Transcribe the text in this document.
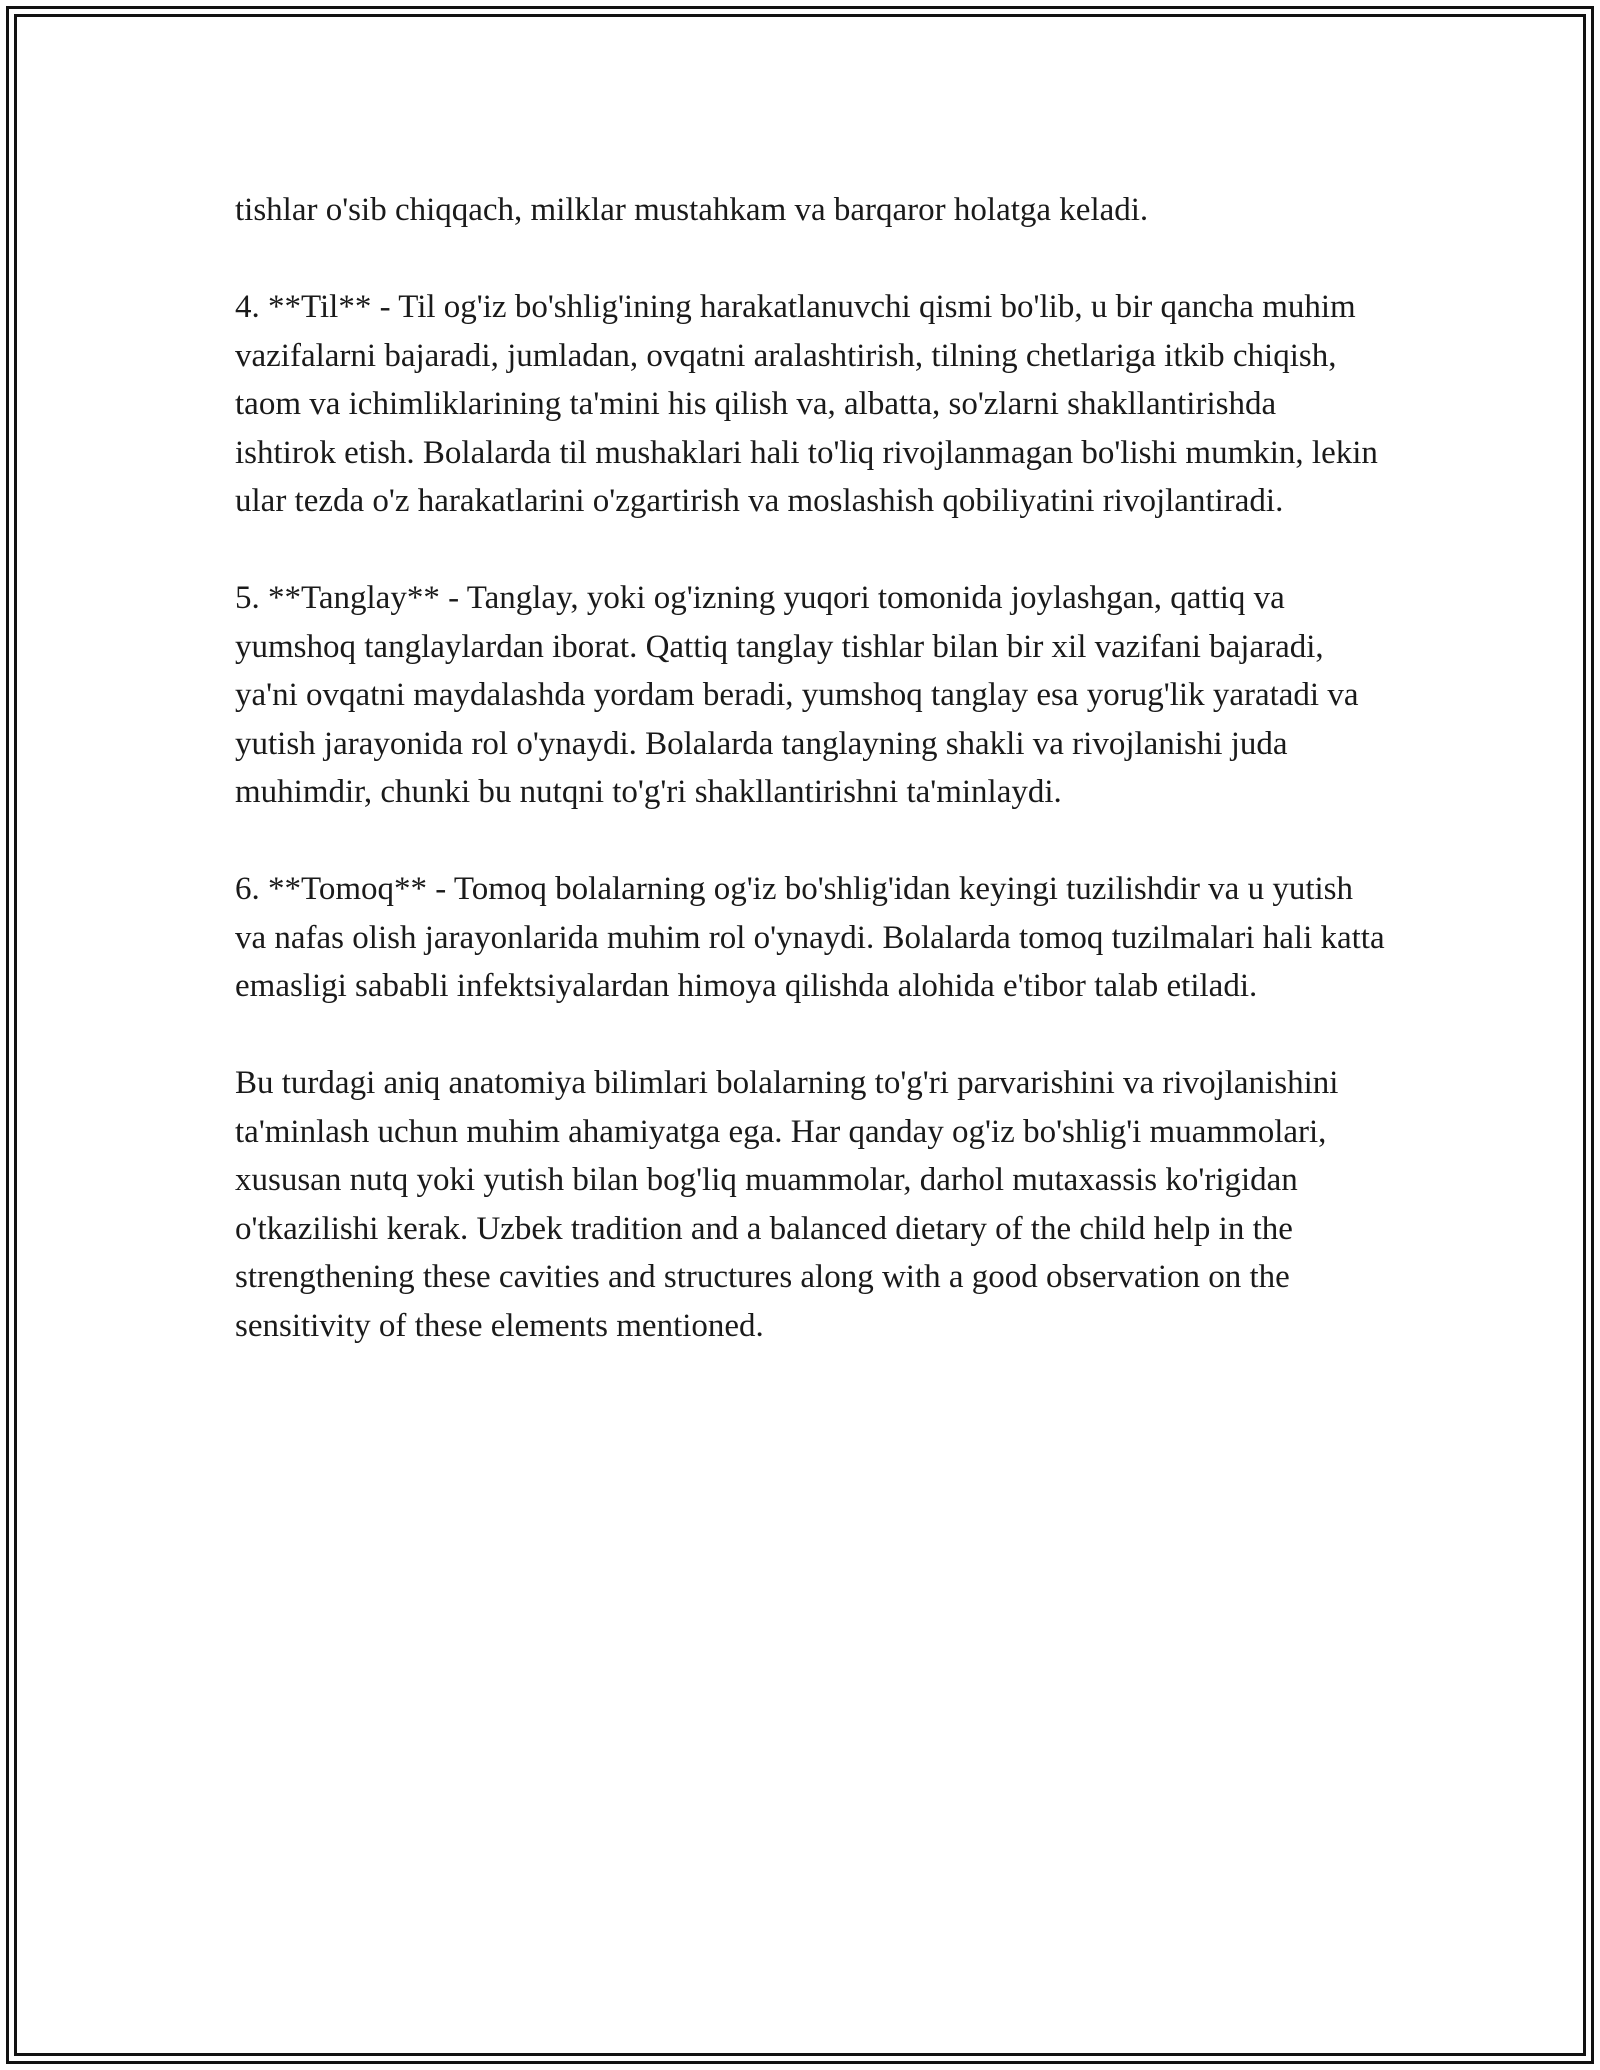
tishlar o'sib chiqqach, milklar mustahkam va barqaror holatga keladi.

4. **Til** - Til og'iz bo'shlig'ining harakatlanuvchi qismi bo'lib, u bir qancha muhim vazifalarni bajaradi, jumladan, ovqatni aralashtirish, tilning chetlariga itkib chiqish, taom va ichimliklarining ta'mini his qilish va, albatta, so'zlarni shakllantirishda ishtirok etish. Bolalarda til mushaklari hali to'liq rivojlanmagan bo'lishi mumkin, lekin ular tezda o'z harakatlarini o'zgartirish va moslashish qobiliyatini rivojlantiradi.

5. **Tanglay** - Tanglay, yoki og'izning yuqori tomonida joylashgan, qattiq va yumshoq tanglaylardan iborat. Qattiq tanglay tishlar bilan bir xil vazifani bajaradi, ya'ni ovqatni maydalashda yordam beradi, yumshoq tanglay esa yorug'lik yaratadi va yutish jarayonida rol o'ynaydi. Bolalarda tanglayning shakli va rivojlanishi juda muhimdir, chunki bu nutqni to'g'ri shakllantirishni ta'minlaydi.

6. **Tomoq** - Tomoq bolalarning og'iz bo'shlig'idan keyingi tuzilishdir va u yutish va nafas olish jarayonlarida muhim rol o'ynaydi. Bolalarda tomoq tuzilmalari hali katta emasligi sababli infektsiyalardan himoya qilishda alohida e'tibor talab etiladi.

Bu turdagi aniq anatomiya bilimlari bolalarning to'g'ri parvarishini va rivojlanishini ta'minlash uchun muhim ahamiyatga ega. Har qanday og'iz bo'shlig'i muammolari, xususan nutq yoki yutish bilan bog'liq muammolar, darhol mutaxassis ko'rigidan o'tkazilishi kerak. Uzbek tradition and a balanced dietary of the child help in the strengthening these cavities and structures along with a good observation on the sensitivity of these elements mentioned.
